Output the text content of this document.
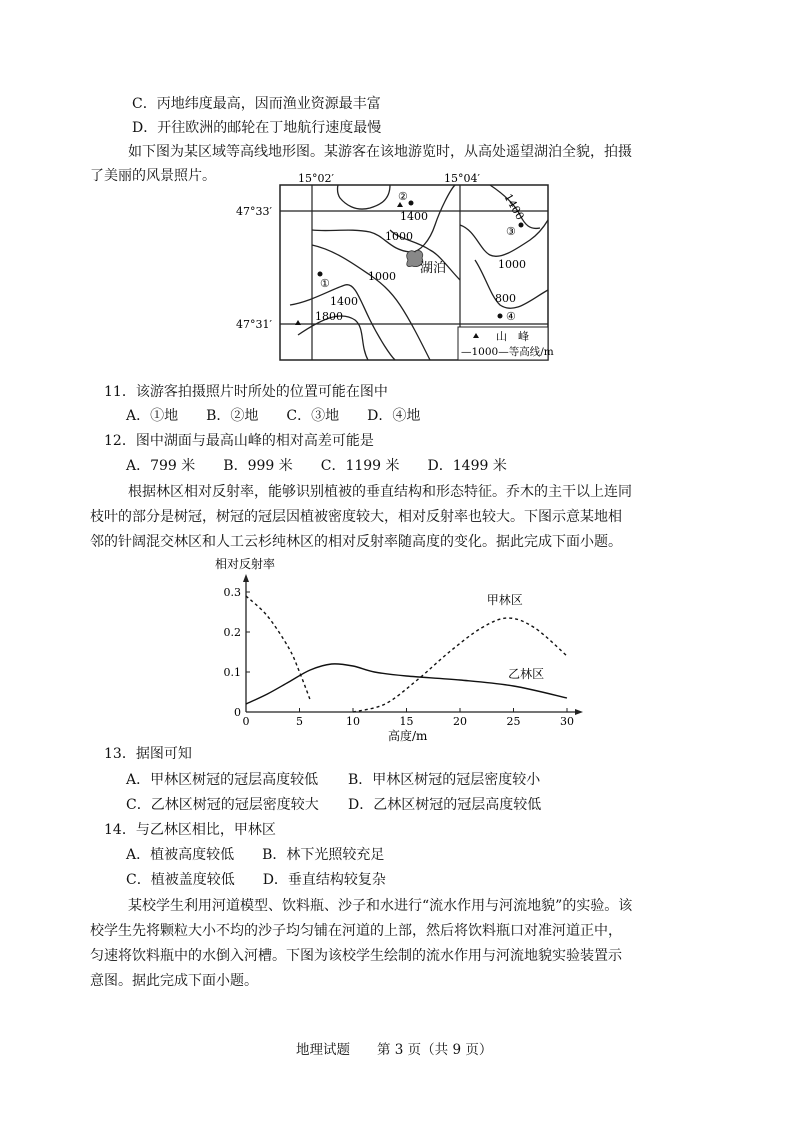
C．丙地纬度最高，因而渔业资源最丰富
D．开往欧洲的邮轮在丁地航行速度最慢
如下图为某区域等高线地形图。某游客在该地游览时，从高处遥望湖泊全貌，拍摄
了美丽的风景照片。	15°02′	15°04′
47°33′
47°31′
1400
1000
1000
1400
1800
1400
1000
800
湖泊
①
②
③
④
山　峰
—1000—等高线/m
11．该游客拍摄照片时所处的位置可能在图中
A．①地　　B．②地　　C．③地　　D．④地
12．图中湖面与最高山峰的相对高差可能是
A．799 米　　B．999 米　　C．1199 米　　D．1499 米
根据林区相对反射率，能够识别植被的垂直结构和形态特征。乔木的主干以上连同
枝叶的部分是树冠，树冠的冠层因植被密度较大，相对反射率也较大。下图示意某地相
邻的针阔混交林区和人工云杉纯林区的相对反射率随高度的变化。据此完成下面小题。
相对反射率
高度/m
0	5	10	15	20	25	30
0
0.1
0.2
0.3
甲林区
乙林区
13．据图可知
A．甲林区树冠的冠层高度较低 B．甲林区树冠的冠层密度较小
C．乙林区树冠的冠层密度较大 D．乙林区树冠的冠层高度较低
14．与乙林区相比，甲林区
A．植被高度较低　　B．林下光照较充足
C．植被盖度较低　　D．垂直结构较复杂
某校学生利用河道模型、饮料瓶、沙子和水进行“流水作用与河流地貌”的实验。该
校学生先将颗粒大小不均的沙子均匀铺在河道的上部，然后将饮料瓶口对准河道正中，
匀速将饮料瓶中的水倒入河槽。下图为该校学生绘制的流水作用与河流地貌实验装置示
意图。据此完成下面小题。
地理试题　　第 3 页（共 9 页）
